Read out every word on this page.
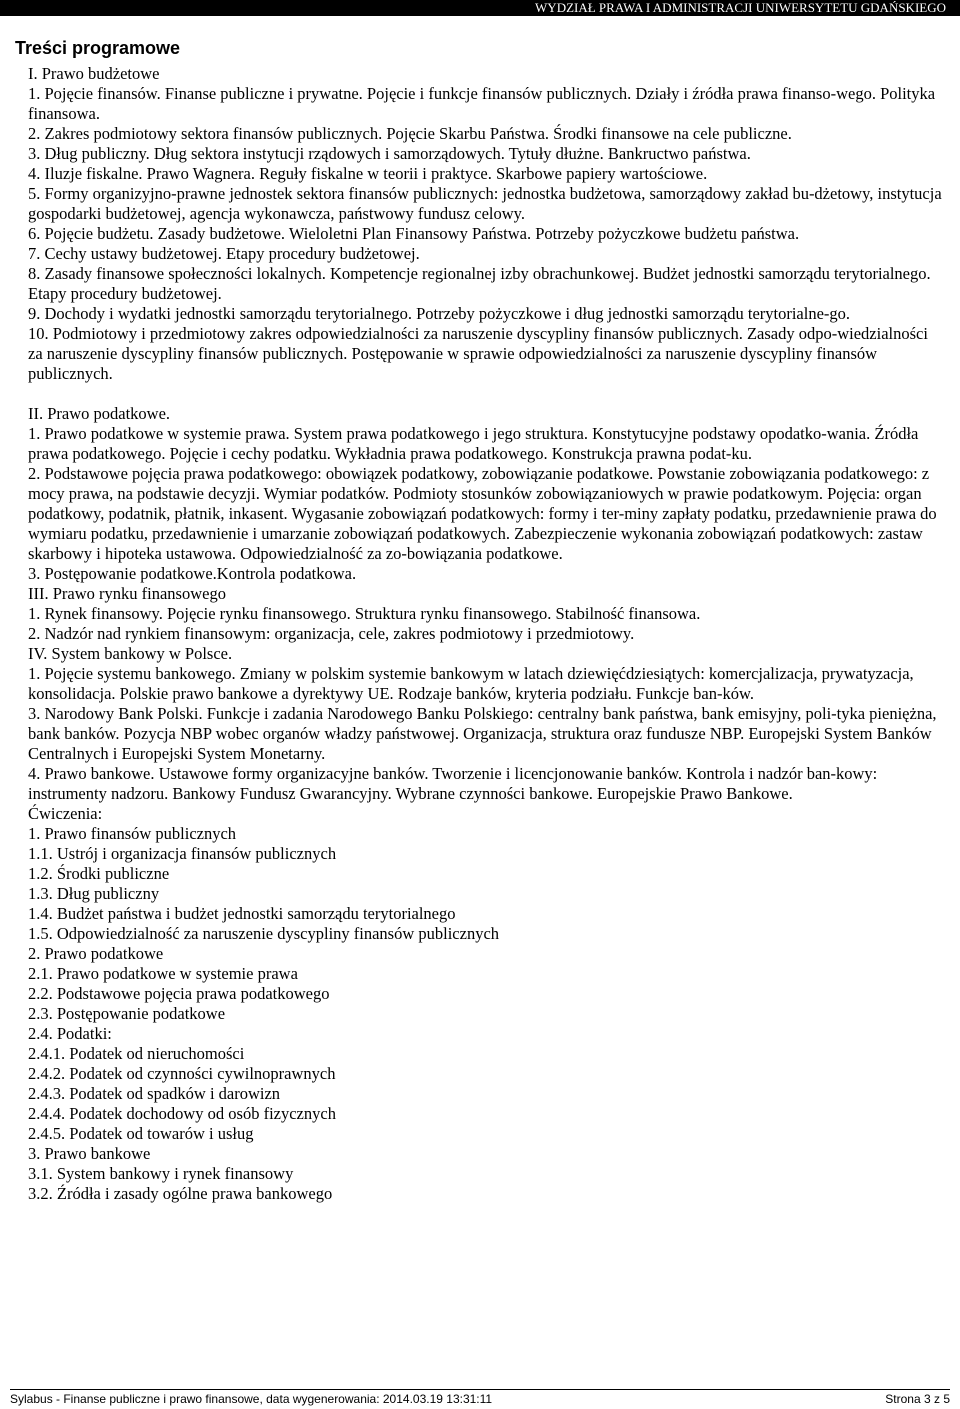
WYDZIAŁ PRAWA I ADMINISTRACJI UNIWERSYTETU GDAŃSKIEGO
Treści programowe

I. Prawo budżetowe

1. Pojęcie finansów. Finanse publiczne i prywatne. Pojęcie i funkcje finansów publicznych. Działy i źródła prawa finanso-wego. Polityka finansowa.

2. Zakres podmiotowy sektora finansów publicznych. Pojęcie Skarbu Państwa. Środki finansowe na cele publiczne.

3. Dług publiczny. Dług sektora instytucji rządowych i samorządowych. Tytuły dłużne. Bankructwo państwa.

4. Iluzje fiskalne. Prawo Wagnera. Reguły fiskalne w teorii i praktyce. Skarbowe papiery wartościowe.

5. Formy organizyjno-prawne jednostek sektora finansów publicznych: jednostka budżetowa, samorządowy zakład bu-dżetowy, instytucja gospodarki budżetowej, agencja wykonawcza, państwowy fundusz celowy.

6. Pojęcie budżetu. Zasady budżetowe. Wieloletni Plan Finansowy Państwa. Potrzeby pożyczkowe budżetu państwa.

7. Cechy ustawy budżetowej. Etapy procedury budżetowej.

8. Zasady finansowe społeczności lokalnych. Kompetencje regionalnej izby obrachunkowej. Budżet jednostki samorządu terytorialnego. Etapy procedury budżetowej.

9. Dochody i wydatki jednostki samorządu terytorialnego. Potrzeby pożyczkowe i dług jednostki samorządu terytorialne-go.

10. Podmiotowy i przedmiotowy zakres odpowiedzialności za naruszenie dyscypliny finansów publicznych. Zasady odpo-wiedzialności za naruszenie dyscypliny finansów publicznych. Postępowanie w sprawie odpowiedzialności za naruszenie dyscypliny finansów publicznych.

II. Prawo podatkowe.

1. Prawo podatkowe w systemie prawa. System prawa podatkowego i jego struktura. Konstytucyjne podstawy opodatko-wania. Źródła prawa podatkowego. Pojęcie i cechy podatku. Wykładnia prawa podatkowego. Konstrukcja prawna podat-ku.

2. Podstawowe pojęcia prawa podatkowego: obowiązek podatkowy, zobowiązanie podatkowe. Powstanie zobowiązania podatkowego: z mocy prawa, na podstawie decyzji. Wymiar podatków. Podmioty stosunków zobowiązaniowych w prawie podatkowym. Pojęcia: organ podatkowy, podatnik, płatnik, inkasent. Wygasanie zobowiązań podatkowych: formy i ter-miny zapłaty podatku, przedawnienie prawa do wymiaru podatku, przedawnienie i umarzanie zobowiązań podatkowych. Zabezpieczenie wykonania zobowiązań podatkowych: zastaw skarbowy i hipoteka ustawowa. Odpowiedzialność za zo-bowiązania podatkowe.

3. Postępowanie podatkowe.Kontrola podatkowa.

III. Prawo rynku finansowego

1. Rynek finansowy. Pojęcie rynku finansowego. Struktura rynku finansowego. Stabilność finansowa.

2. Nadzór nad rynkiem finansowym: organizacja, cele, zakres podmiotowy i przedmiotowy.

IV. System bankowy w Polsce.

1. Pojęcie systemu bankowego. Zmiany w polskim systemie bankowym w latach dziewięćdziesiątych: komercjalizacja, prywatyzacja, konsolidacja. Polskie prawo bankowe a dyrektywy UE. Rodzaje banków, kryteria podziału. Funkcje ban-ków.

3. Narodowy Bank Polski. Funkcje i zadania Narodowego Banku Polskiego: centralny bank państwa, bank emisyjny, poli-tyka pieniężna, bank banków. Pozycja NBP wobec organów władzy państwowej. Organizacja, struktura oraz fundusze NBP. Europejski System Banków Centralnych i Europejski System Monetarny.

4. Prawo bankowe. Ustawowe formy organizacyjne banków. Tworzenie i licencjonowanie banków. Kontrola i nadzór ban-kowy: instrumenty nadzoru. Bankowy Fundusz Gwarancyjny. Wybrane czynności bankowe. Europejskie Prawo Bankowe.

Ćwiczenia:

1. Prawo finansów publicznych

1.1. Ustrój i organizacja finansów publicznych

1.2. Środki publiczne

1.3. Dług publiczny

1.4. Budżet państwa i budżet jednostki samorządu terytorialnego

1.5. Odpowiedzialność za naruszenie dyscypliny finansów publicznych

2. Prawo podatkowe

2.1. Prawo podatkowe w systemie prawa

2.2. Podstawowe pojęcia prawa podatkowego

2.3. Postępowanie podatkowe

2.4. Podatki:

2.4.1. Podatek od nieruchomości

2.4.2. Podatek od czynności cywilnoprawnych

2.4.3. Podatek od spadków i darowizn

2.4.4. Podatek dochodowy od osób fizycznych

2.4.5. Podatek od towarów i usług

3. Prawo bankowe

3.1. System bankowy i rynek finansowy

3.2. Źródła i zasady ogólne prawa bankowego

Sylabus - Finanse publiczne i prawo finansowe, data wygenerowania: 2014.03.19 13:31:11	Strona 3 z 5
